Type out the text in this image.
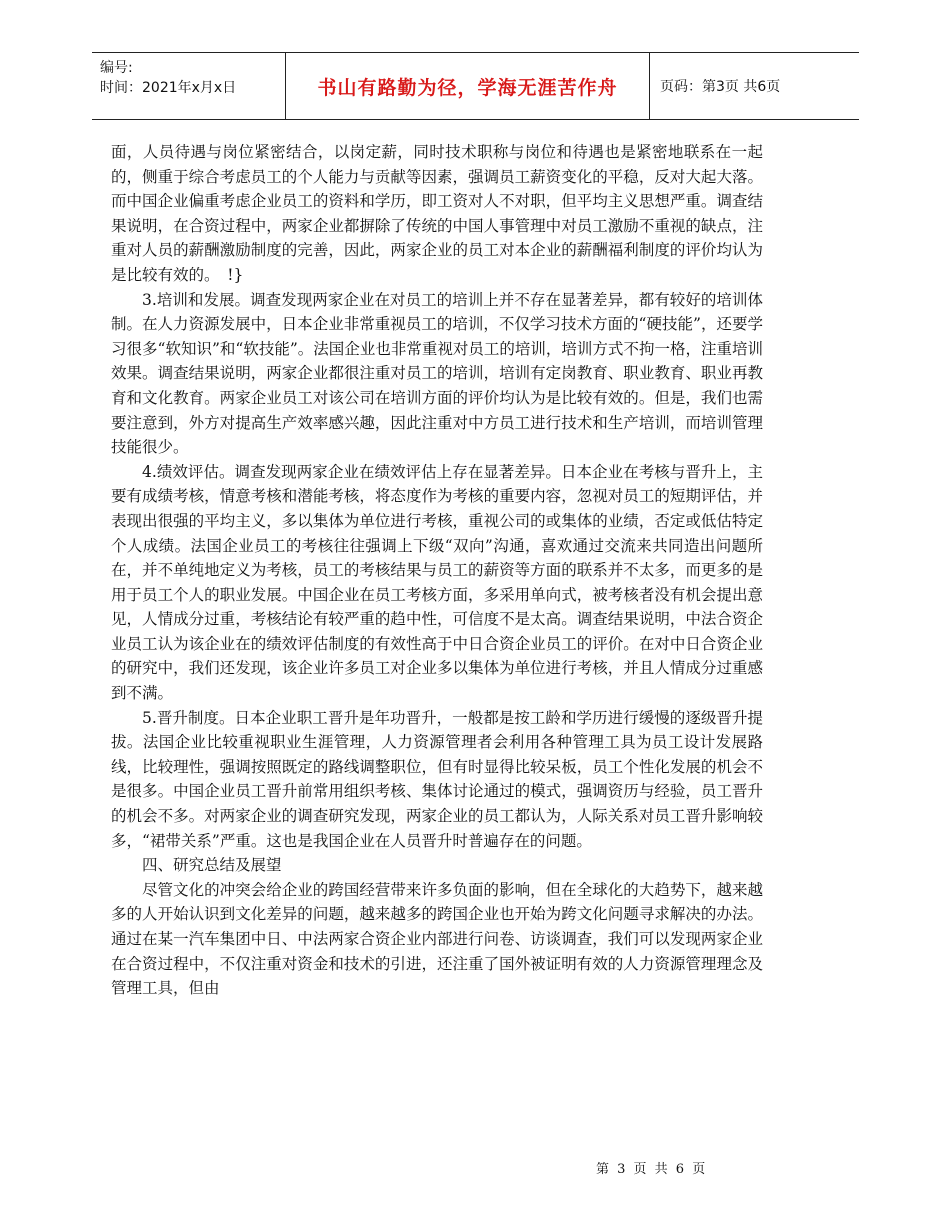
编号:
时间：2021年x月x日	书山有路勤为径，学海无涯苦作舟	页码：第3页 共6页

面，人员待遇与岗位紧密结合，以岗定薪，同时技术职称与岗位和待遇也是紧密地联系在一起的，侧重于综合考虑员工的个人能力与贡献等因素，强调员工薪资变化的平稳，反对大起大落。而中国企业偏重考虑企业员工的资料和学历，即工资对人不对职，但平均主义思想严重。调查结果说明，在合资过程中，两家企业都摒除了传统的中国人事管理中对员工激励不重视的缺点，注重对人员的薪酬激励制度的完善，因此，两家企业的员工对本企业的薪酬福利制度的评价均认为是比较有效的。　!}

3.培训和发展。调查发现两家企业在对员工的培训上并不存在显著差异，都有较好的培训体制。在人力资源发展中，日本企业非常重视员工的培训，不仅学习技术方面的“硬技能”，还要学习很多“软知识”和“软技能”。法国企业也非常重视对员工的培训，培训方式不拘一格，注重培训效果。调查结果说明，两家企业都很注重对员工的培训，培训有定岗教育、职业教育、职业再教育和文化教育。两家企业员工对该公司在培训方面的评价均认为是比较有效的。但是，我们也需要注意到，外方对提高生产效率感兴趣，因此注重对中方员工进行技术和生产培训，而培训管理技能很少。

4.绩效评估。调查发现两家企业在绩效评估上存在显著差异。日本企业在考核与晋升上，主要有成绩考核，情意考核和潜能考核，将态度作为考核的重要内容，忽视对员工的短期评估，并表现出很强的平均主义，多以集体为单位进行考核，重视公司的或集体的业绩，否定或低估特定个人成绩。法国企业员工的考核往往强调上下级“双向”沟通，喜欢通过交流来共同造出问题所在，并不单纯地定义为考核，员工的考核结果与员工的薪资等方面的联系并不太多，而更多的是用于员工个人的职业发展。中国企业在员工考核方面，多采用单向式，被考核者没有机会提出意见，人情成分过重，考核结论有较严重的趋中性，可信度不是太高。调查结果说明，中法合资企业员工认为该企业在的绩效评估制度的有效性高于中日合资企业员工的评价。在对中日合资企业的研究中，我们还发现，该企业许多员工对企业多以集体为单位进行考核，并且人情成分过重感到不满。

5.晋升制度。日本企业职工晋升是年功晋升，一般都是按工龄和学历进行缓慢的逐级晋升提拔。法国企业比较重视职业生涯管理，人力资源管理者会利用各种管理工具为员工设计发展路线，比较理性，强调按照既定的路线调整职位，但有时显得比较呆板，员工个性化发展的机会不是很多。中国企业员工晋升前常用组织考核、集体讨论通过的模式，强调资历与经验，员工晋升的机会不多。对两家企业的调查研究发现，两家企业的员工都认为，人际关系对员工晋升影响较多，“裙带关系”严重。这也是我国企业在人员晋升时普遍存在的问题。

四、研究总结及展望

尽管文化的冲突会给企业的跨国经营带来许多负面的影响，但在全球化的大趋势下，越来越多的人开始认识到文化差异的问题，越来越多的跨国企业也开始为跨文化问题寻求解决的办法。通过在某一汽车集团中日、中法两家合资企业内部进行问卷、访谈调查，我们可以发现两家企业在合资过程中，不仅注重对资金和技术的引进，还注重了国外被证明有效的人力资源管理理念及管理工具，但由

第 3 页 共 6 页
